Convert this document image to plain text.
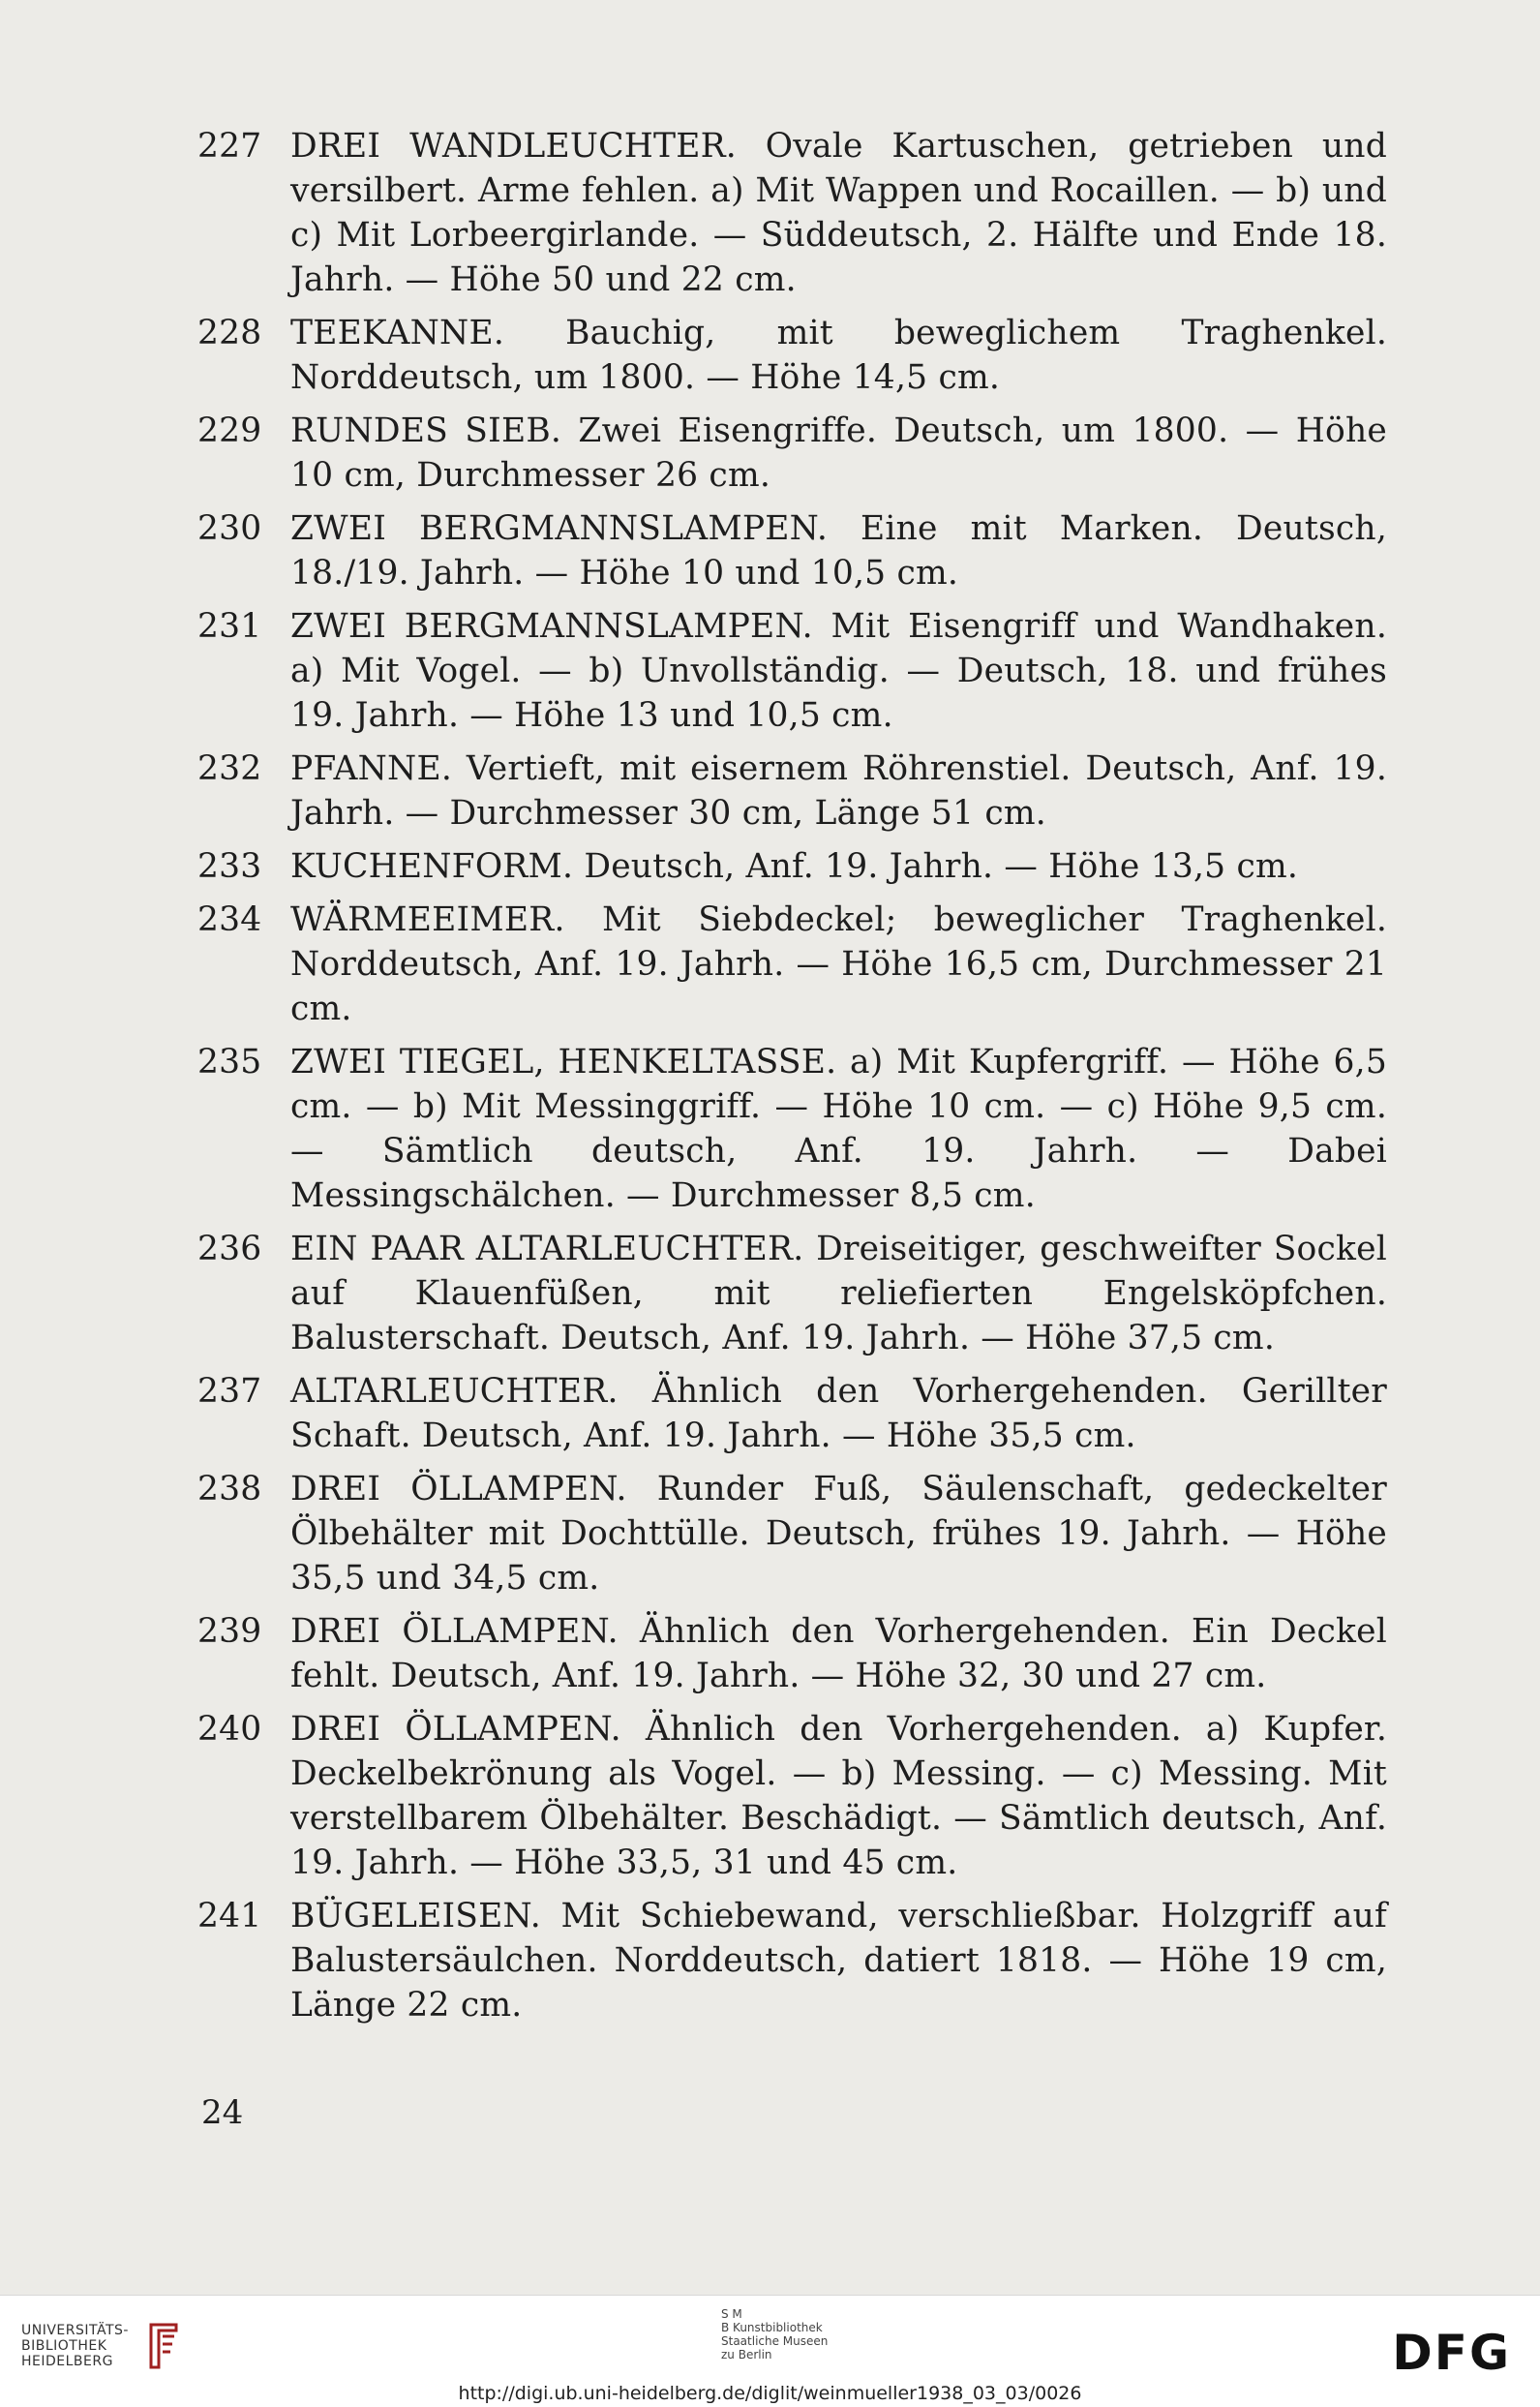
227 DREI WANDLEUCHTER. Ovale Kartuschen, getrieben und versilbert. Arme fehlen. a) Mit Wappen und Rocaillen. — b) und c) Mit Lorbeergirlande. — Süddeutsch, 2. Hälfte und Ende 18. Jahrh. — Höhe 50 und 22 cm.
228 TEEKANNE. Bauchig, mit beweglichem Traghenkel. Norddeutsch, um 1800. — Höhe 14,5 cm.
229 RUNDES SIEB. Zwei Eisengriffe. Deutsch, um 1800. — Höhe 10 cm, Durchmesser 26 cm.
230 ZWEI BERGMANNSLAMPEN. Eine mit Marken. Deutsch, 18./19. Jahrh. — Höhe 10 und 10,5 cm.
231 ZWEI BERGMANNSLAMPEN. Mit Eisengriff und Wandhaken. a) Mit Vogel. — b) Unvollständig. — Deutsch, 18. und frühes 19. Jahrh. — Höhe 13 und 10,5 cm.
232 PFANNE. Vertieft, mit eisernem Röhrenstiel. Deutsch, Anf. 19. Jahrh. — Durchmesser 30 cm, Länge 51 cm.
233 KUCHENFORM. Deutsch, Anf. 19. Jahrh. — Höhe 13,5 cm.
234 WÄRMEEIMER. Mit Siebdeckel; beweglicher Traghenkel. Norddeutsch, Anf. 19. Jahrh. — Höhe 16,5 cm, Durchmesser 21 cm.
235 ZWEI TIEGEL, HENKELTASSE. a) Mit Kupfergriff. — Höhe 6,5 cm. — b) Mit Messinggriff. — Höhe 10 cm. — c) Höhe 9,5 cm. — Sämtlich deutsch, Anf. 19. Jahrh. — Dabei Messingschälchen. — Durchmesser 8,5 cm.
236 EIN PAAR ALTARLEUCHTER. Dreiseitiger, geschweifter Sockel auf Klauenfüßen, mit reliefierten Engelsköpfchen. Balusterschaft. Deutsch, Anf. 19. Jahrh. — Höhe 37,5 cm.
237 ALTARLEUCHTER. Ähnlich den Vorhergehenden. Gerillter Schaft. Deutsch, Anf. 19. Jahrh. — Höhe 35,5 cm.
238 DREI ÖLLAMPEN. Runder Fuß, Säulenschaft, gedeckelter Ölbehälter mit Dochttülle. Deutsch, frühes 19. Jahrh. — Höhe 35,5 und 34,5 cm.
239 DREI ÖLLAMPEN. Ähnlich den Vorhergehenden. Ein Deckel fehlt. Deutsch, Anf. 19. Jahrh. — Höhe 32, 30 und 27 cm.
240 DREI ÖLLAMPEN. Ähnlich den Vorhergehenden. a) Kupfer. Deckelbekrönung als Vogel. — b) Messing. — c) Messing. Mit verstellbarem Ölbehälter. Beschädigt. — Sämtlich deutsch, Anf. 19. Jahrh. — Höhe 33,5, 31 und 45 cm.
241 BÜGELEISEN. Mit Schiebewand, verschließbar. Holzgriff auf Balustersäulchen. Norddeutsch, datiert 1818. — Höhe 19 cm, Länge 22 cm.
24
UNIVERSITÄTS-
BIBLIOTHEK
HEIDELBERG
S M
B Kunstbibliothek
Staatliche Museen
zu Berlin	DFG
http://digi.ub.uni-heidelberg.de/diglit/weinmueller1938_03_03/0026
